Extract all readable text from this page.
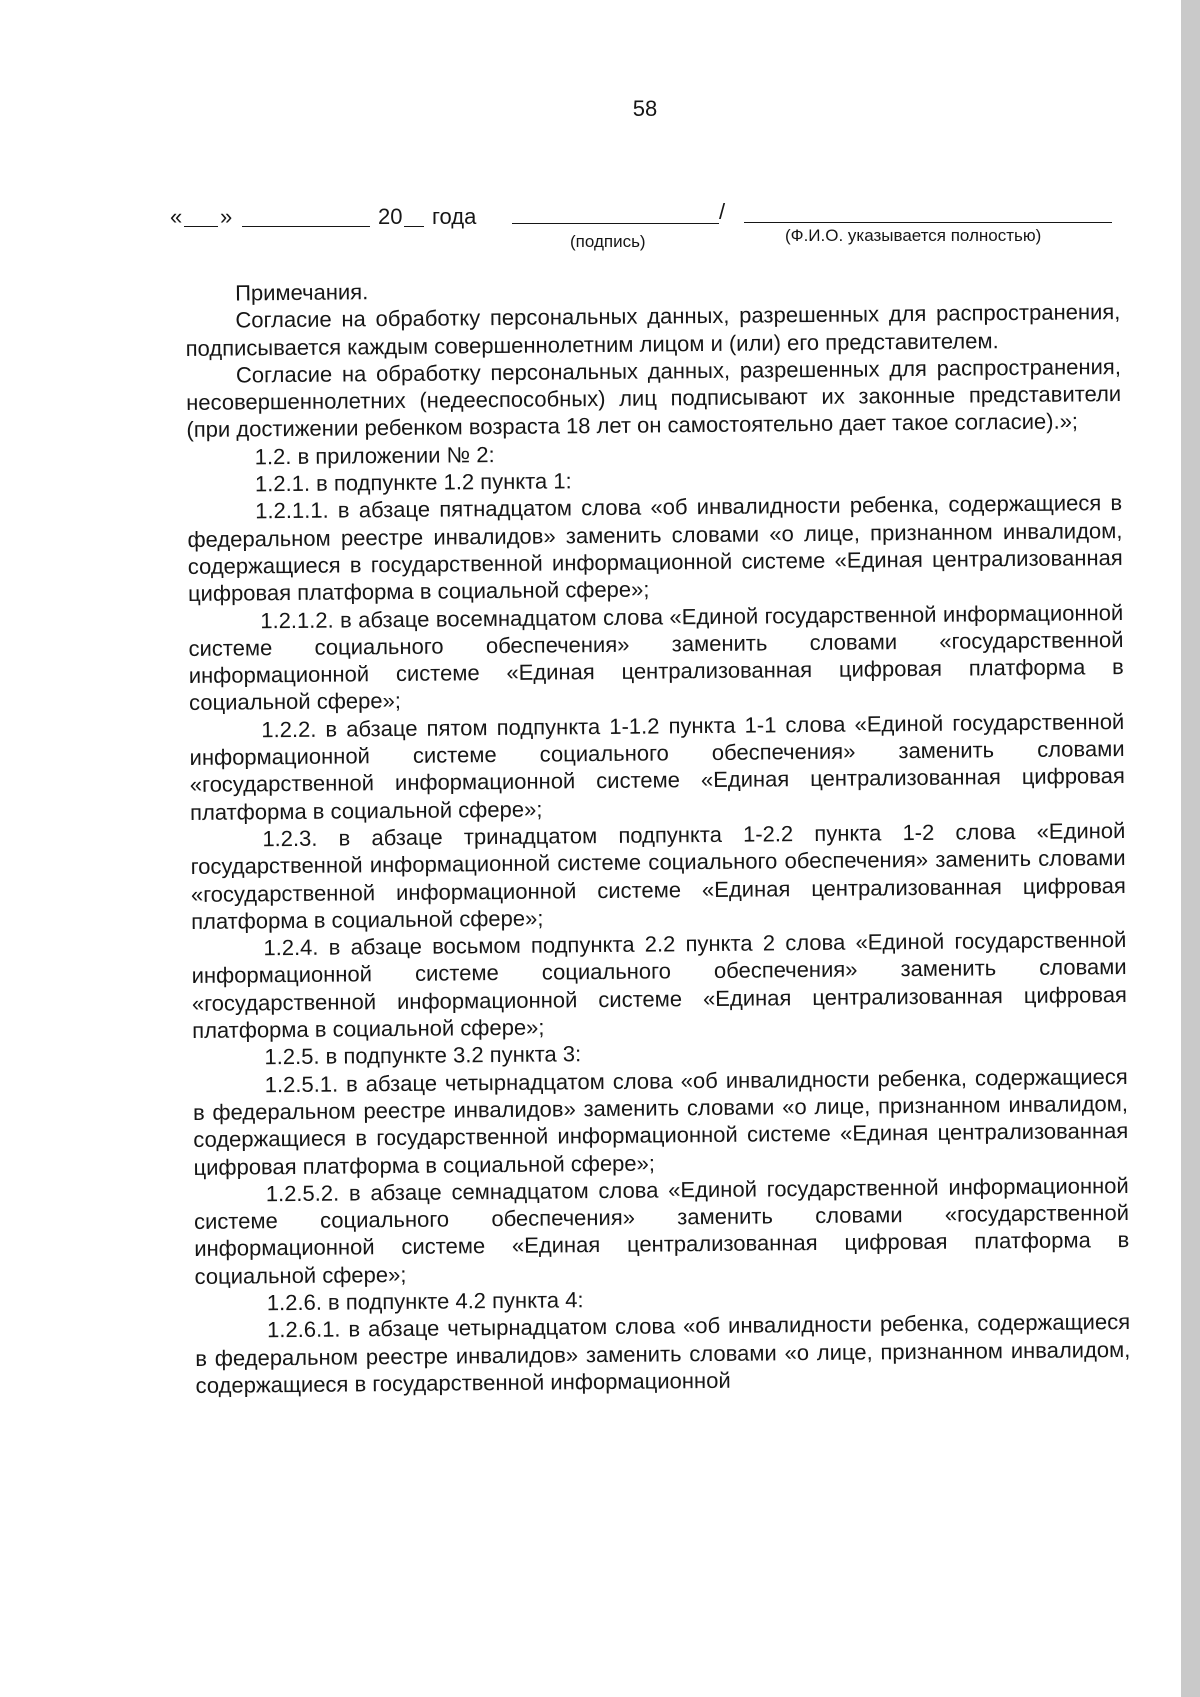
58
« »	20 года	/
(подпись)	(Ф.И.О. указывается полностью)

Примечания.

Согласие на обработку персональных данных, разрешенных для распространения, подписывается каждым совершеннолетним лицом и (или) его представителем.

Согласие на обработку персональных данных, разрешенных для распространения, несовершеннолетних (недееспособных) лиц подписывают их законные представители (при достижении ребенком возраста 18 лет он самостоятельно дает такое согласие).»;

1.2. в приложении № 2:

1.2.1. в подпункте 1.2 пункта 1:

1.2.1.1. в абзаце пятнадцатом слова «об инвалидности ребенка, содержащиеся в федеральном реестре инвалидов» заменить словами «о лице, признанном инвалидом, содержащиеся в государственной информационной системе «Единая централизованная цифровая платформа в социальной сфере»;

1.2.1.2. в абзаце восемнадцатом слова «Единой государственной информационной системе социального обеспечения» заменить словами «государственной информационной системе «Единая централизованная цифровая платформа в социальной сфере»;

1.2.2. в абзаце пятом подпункта 1-1.2 пункта 1-1 слова «Единой государственной информационной системе социального обеспечения» заменить словами «государственной информационной системе «Единая централизованная цифровая платформа в социальной сфере»;

1.2.3. в абзаце тринадцатом подпункта 1-2.2 пункта 1-2 слова «Единой государственной информационной системе социального обеспечения» заменить словами «государственной информационной системе «Единая централизованная цифровая платформа в социальной сфере»;

1.2.4. в абзаце восьмом подпункта 2.2 пункта 2 слова «Единой государственной информационной системе социального обеспечения» заменить словами «государственной информационной системе «Единая централизованная цифровая платформа в социальной сфере»;

1.2.5. в подпункте 3.2 пункта 3:

1.2.5.1. в абзаце четырнадцатом слова «об инвалидности ребенка, содержащиеся в федеральном реестре инвалидов» заменить словами «о лице, признанном инвалидом, содержащиеся в государственной информационной системе «Единая централизованная цифровая платформа в социальной сфере»;

1.2.5.2. в абзаце семнадцатом слова «Единой государственной информационной системе социального обеспечения» заменить словами «государственной информационной системе «Единая централизованная цифровая платформа в социальной сфере»;

1.2.6. в подпункте 4.2 пункта 4:

1.2.6.1. в абзаце четырнадцатом слова «об инвалидности ребенка, содержащиеся в федеральном реестре инвалидов» заменить словами «о лице, признанном инвалидом, содержащиеся в государственной информационной
